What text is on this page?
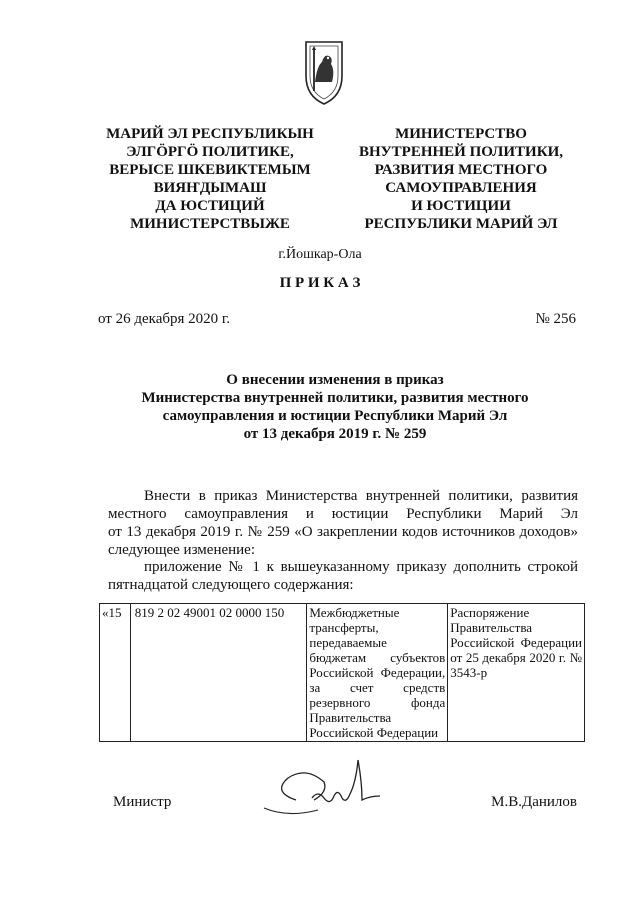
МАРИЙ ЭЛ РЕСПУБЛИКЫН
ЭЛГÖРГÖ ПОЛИТИКЕ,
ВЕРЫСЕ ШКЕВИКТЕМЫМ
ВИЯҤДЫМАШ
ДА ЮСТИЦИЙ
МИНИСТЕРСТВЫЖЕ
МИНИСТЕРСТВО
ВНУТРЕННЕЙ ПОЛИТИКИ,
РАЗВИТИЯ МЕСТНОГО
САМОУПРАВЛЕНИЯ
И ЮСТИЦИИ
РЕСПУБЛИКИ МАРИЙ ЭЛ
г.Йошкар-Ола
П Р И К А З
от 26 декабря 2020 г.	№ 256
О внесении изменения в приказ
Министерства внутренней политики, развития местного
самоуправления и юстиции Республики Марий Эл
от 13 декабря 2019 г. № 259
Внести в приказ Министерства внутренней политики, развития
местного самоуправления и юстиции Республики Марий Эл
от 13 декабря 2019 г. № 259 «О закреплении кодов источников доходов»
следующее изменение:
приложение № 1 к вышеуказанному приказу дополнить строкой
пятнадцатой следующего содержания:
«15	819 2 02 49001 02 0000 150	Межбюджетные трансферты, передаваемые бюджетам субъектов Российской Федерации, за счет средств резервного фонда Правительства Российской Федерации	Распоряжение Правительства Российской Федерации от 25 декабря 2020 г. № 3543-р
Министр	М.В.Данилов
